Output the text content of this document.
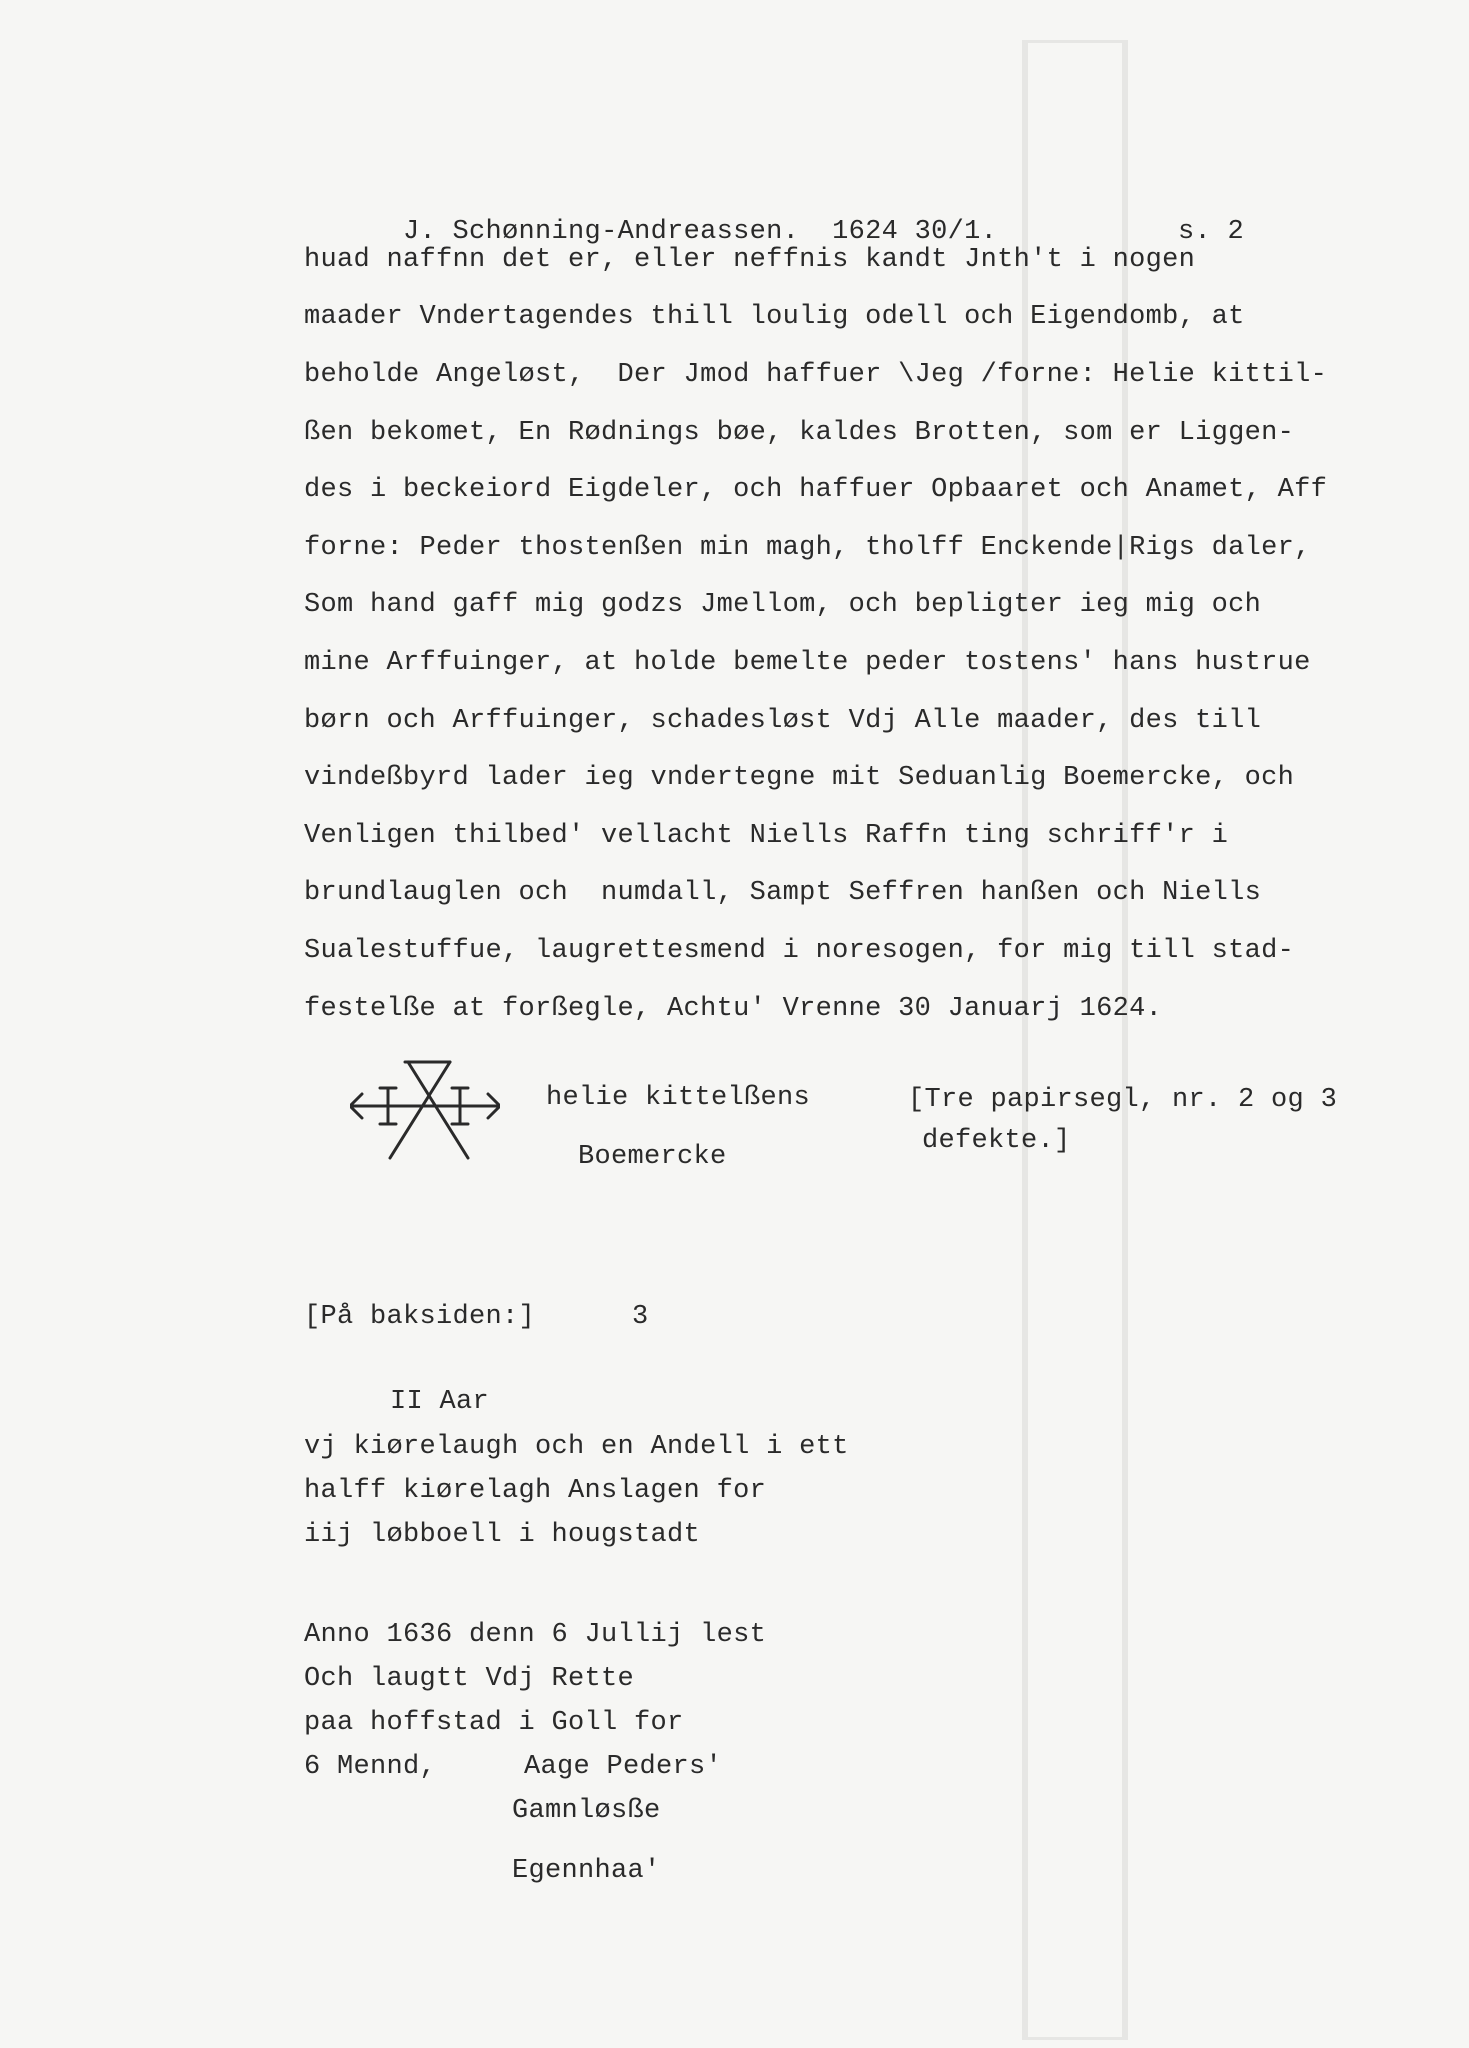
J. Schønning-Andreassen. 1624 30/1.

	s. 2

huad naffnn det er, eller neffnis kandt Jnth't i nogen
maader Vndertagendes thill loulig odell och Eigendomb, at
beholde Angeløst,  Der Jmod haffuer \Jeg /forne: Helie kittil-
ßen bekomet, En Rødnings bøe, kaldes Brotten, som er Liggen-
des i beckeiord Eigdeler, och haffuer Opbaaret och Anamet, Aff
forne: Peder thostenßen min magh, tholff Enckende|Rigs daler,
Som hand gaff mig godzs Jmellom, och bepligter ieg mig och
mine Arffuinger, at holde bemelte peder tostens' hans hustrue
børn och Arffuinger, schadesløst Vdj Alle maader, des till
vindeßbyrd lader ieg vndertegne mit Seduanlig Boemercke, och
Venligen thilbed' vellacht Niells Raffn ting schriff'r i
brundlauglen och  numdall, Sampt Seffren hanßen och Niells
Sualestuffue, laugrettesmend i noresogen, for mig till stad-
festelße at forßegle, Achtu' Vrenne 30 Januarj 1624.
helie kittelßens
Boemercke
[Tre papirsegl, nr. 2 og 3
defekte.]
[På baksiden:]	3
II Aar
vj kiørelaugh och en Andell i ett
halff kiørelagh Anslagen for
iij løbboell i hougstadt
Anno 1636 denn 6 Jullij lest
Och laugtt Vdj Rette
paa hoffstad i Goll for
6 Mennd,	Aage Peders'
Gamnløsße
Egennhaa'
